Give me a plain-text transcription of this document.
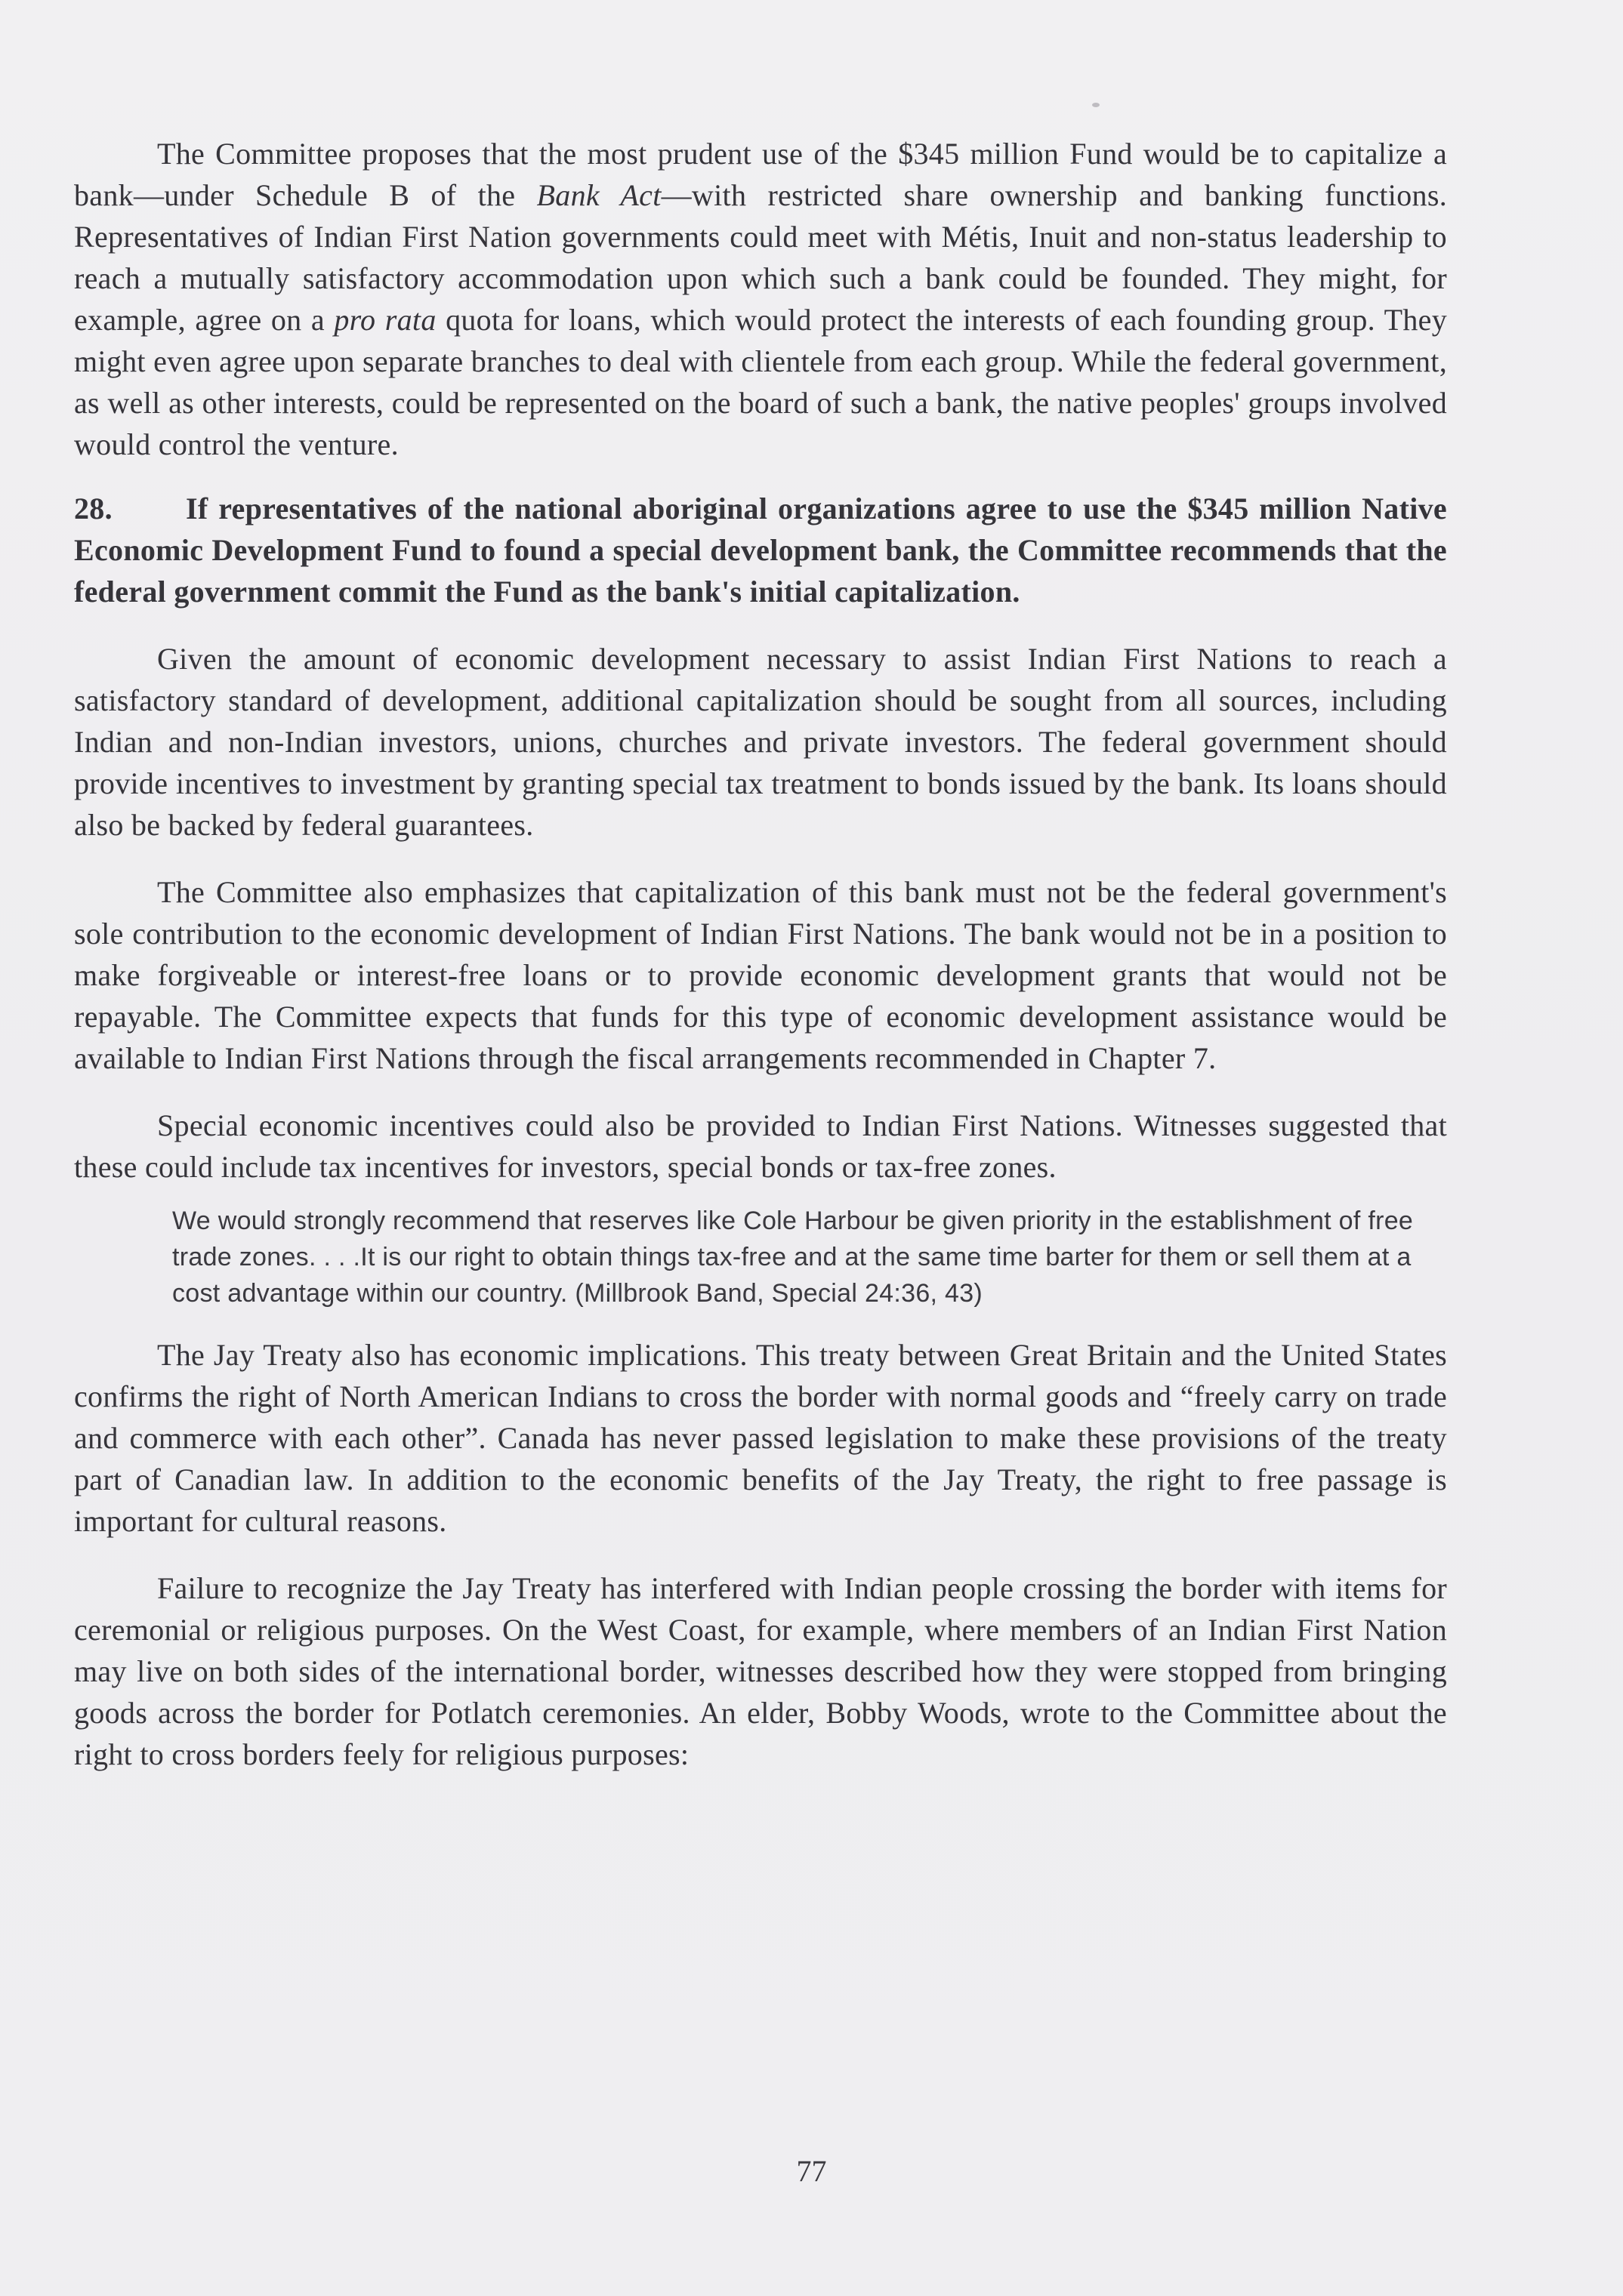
The Committee proposes that the most prudent use of the $345 million Fund would be to capitalize a bank—under Schedule B of the Bank Act—with restricted share ownership and banking functions. Representatives of Indian First Nation governments could meet with Métis, Inuit and non-status leadership to reach a mutually satisfactory accommodation upon which such a bank could be founded. They might, for example, agree on a pro rata quota for loans, which would protect the interests of each founding group. They might even agree upon separate branches to deal with clientele from each group. While the federal government, as well as other interests, could be represented on the board of such a bank, the native peoples' groups involved would control the venture.

28. If representatives of the national aboriginal organizations agree to use the $345 million Native Economic Development Fund to found a special development bank, the Committee recommends that the federal government commit the Fund as the bank's initial capitalization.

Given the amount of economic development necessary to assist Indian First Nations to reach a satisfactory standard of development, additional capitalization should be sought from all sources, including Indian and non-Indian investors, unions, churches and private investors. The federal government should provide incentives to investment by granting special tax treatment to bonds issued by the bank. Its loans should also be backed by federal guarantees.

The Committee also emphasizes that capitalization of this bank must not be the federal government's sole contribution to the economic development of Indian First Nations. The bank would not be in a position to make forgiveable or interest-free loans or to provide economic development grants that would not be repayable. The Committee expects that funds for this type of economic development assistance would be available to Indian First Nations through the fiscal arrangements recommended in Chapter 7.

Special economic incentives could also be provided to Indian First Nations. Witnesses suggested that these could include tax incentives for investors, special bonds or tax-free zones.

We would strongly recommend that reserves like Cole Harbour be given priority in the establishment of free trade zones. . . .It is our right to obtain things tax-free and at the same time barter for them or sell them at a cost advantage within our country. (Millbrook Band, Special 24:36, 43)

The Jay Treaty also has economic implications. This treaty between Great Britain and the United States confirms the right of North American Indians to cross the border with normal goods and “freely carry on trade and commerce with each other”. Canada has never passed legislation to make these provisions of the treaty part of Canadian law. In addition to the economic benefits of the Jay Treaty, the right to free passage is important for cultural reasons.

Failure to recognize the Jay Treaty has interfered with Indian people crossing the border with items for ceremonial or religious purposes. On the West Coast, for example, where members of an Indian First Nation may live on both sides of the international border, witnesses described how they were stopped from bringing goods across the border for Potlatch ceremonies. An elder, Bobby Woods, wrote to the Committee about the right to cross borders feely for religious purposes:

77
